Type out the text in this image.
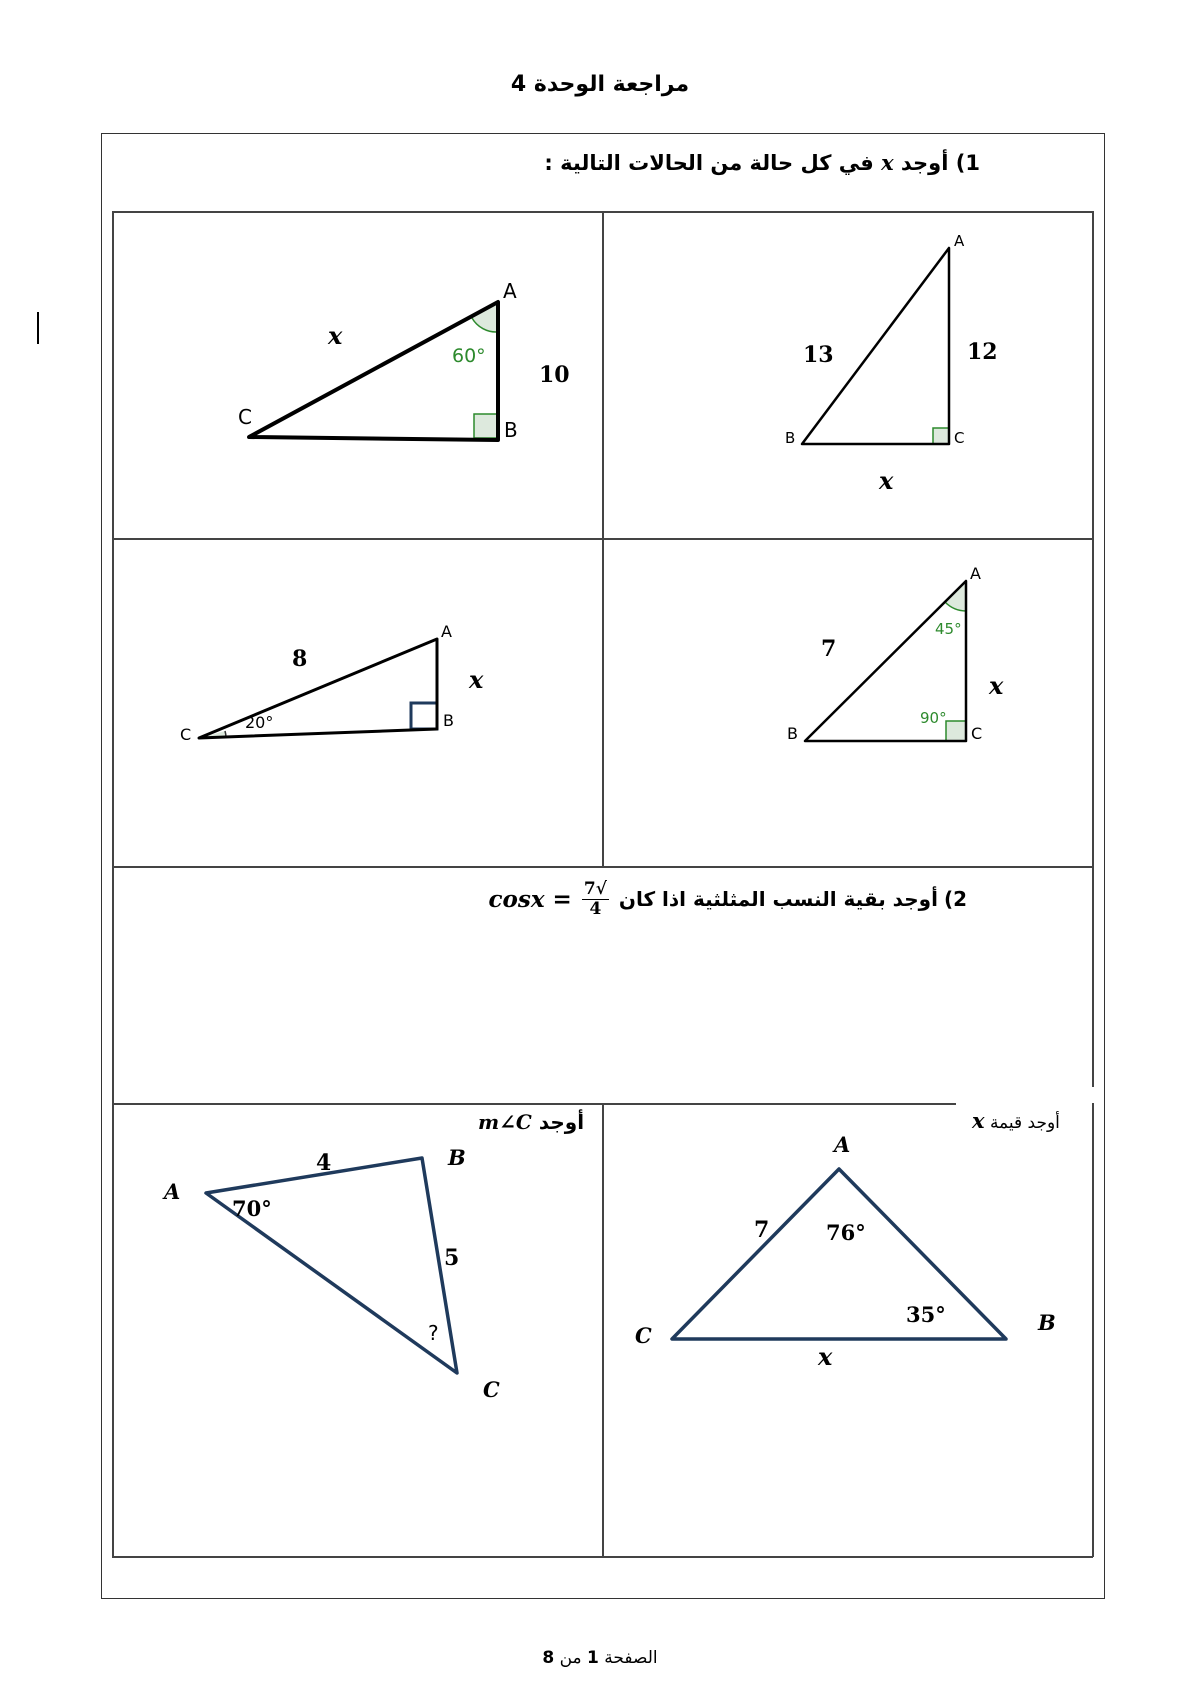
مراجعة الوحدة 4
1) أوجد x في كل حالة من الحالات التالية :
2)
أوجد بقية النسب المثلثية اذا كان
$\frac{√7}{4}$
cosx =
أوجد m∠C	أوجد قيمة x
A
B
C
60°
10
x
A
B	C
13	12
x
A
B
C
20°
8
x
A
B	C
45°
90°
7
x
A
B
C
70°
4
5
?
A
B
C
76°
35°
7
x
الصفحة 1 من 8
